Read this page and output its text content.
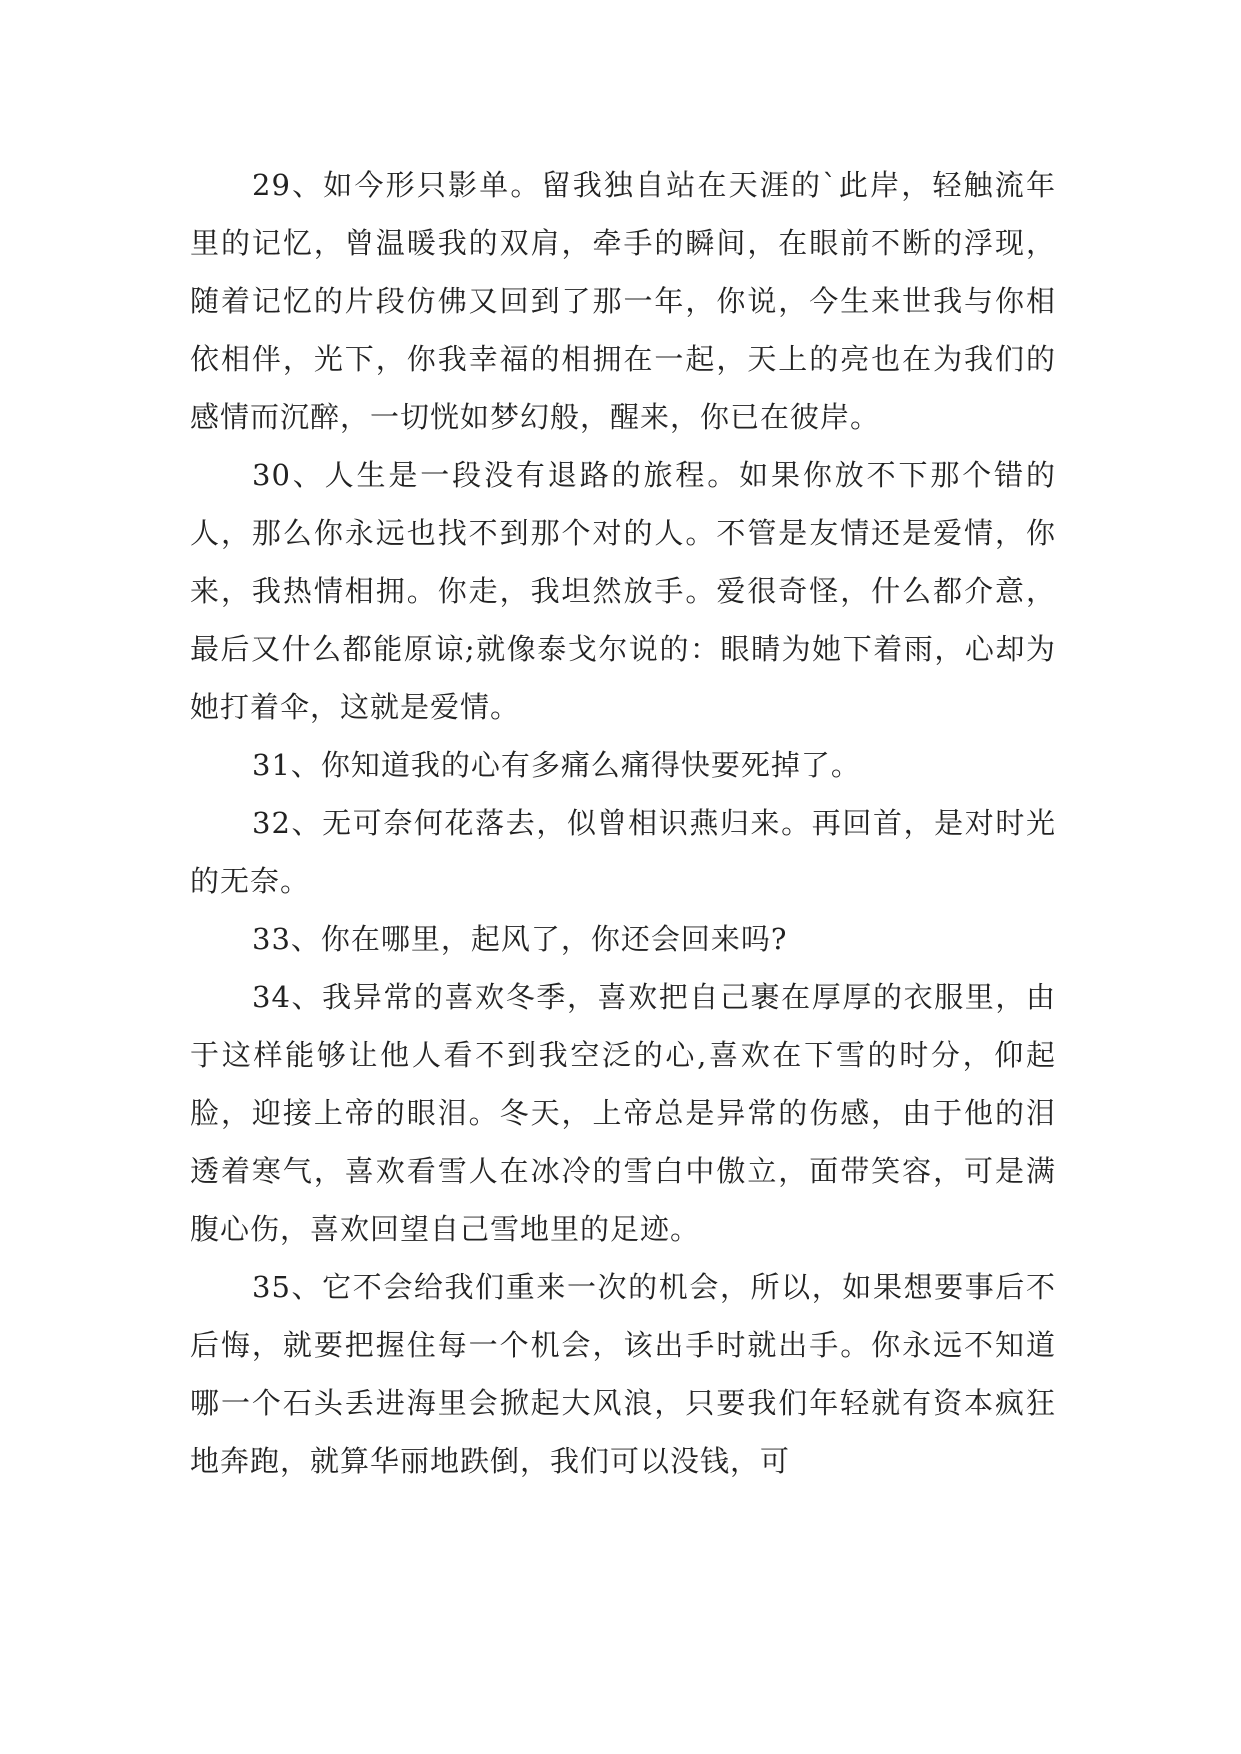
29、如今形只影单。留我独自站在天涯的`此岸，轻触流年里的记忆，曾温暖我的双肩，牵手的瞬间，在眼前不断的浮现，随着记忆的片段仿佛又回到了那一年，你说，今生来世我与你相依相伴，光下，你我幸福的相拥在一起，天上的亮也在为我们的感情而沉醉，一切恍如梦幻般，醒来，你已在彼岸。

30、人生是一段没有退路的旅程。如果你放不下那个错的人，那么你永远也找不到那个对的人。不管是友情还是爱情，你来，我热情相拥。你走，我坦然放手。爱很奇怪，什么都介意，最后又什么都能原谅;就像泰戈尔说的：眼睛为她下着雨，心却为她打着伞，这就是爱情。

31、你知道我的心有多痛么痛得快要死掉了。

32、无可奈何花落去，似曾相识燕归来。再回首，是对时光的无奈。

33、你在哪里，起风了，你还会回来吗?

34、我异常的喜欢冬季，喜欢把自己裹在厚厚的衣服里，由于这样能够让他人看不到我空泛的心,喜欢在下雪的时分，仰起脸，迎接上帝的眼泪。冬天，上帝总是异常的伤感，由于他的泪透着寒气，喜欢看雪人在冰冷的雪白中傲立，面带笑容，可是满腹心伤，喜欢回望自己雪地里的足迹。

35、它不会给我们重来一次的机会，所以，如果想要事后不后悔，就要把握住每一个机会，该出手时就出手。你永远不知道哪一个石头丢进海里会掀起大风浪，只要我们年轻就有资本疯狂地奔跑，就算华丽地跌倒，我们可以没钱，可
